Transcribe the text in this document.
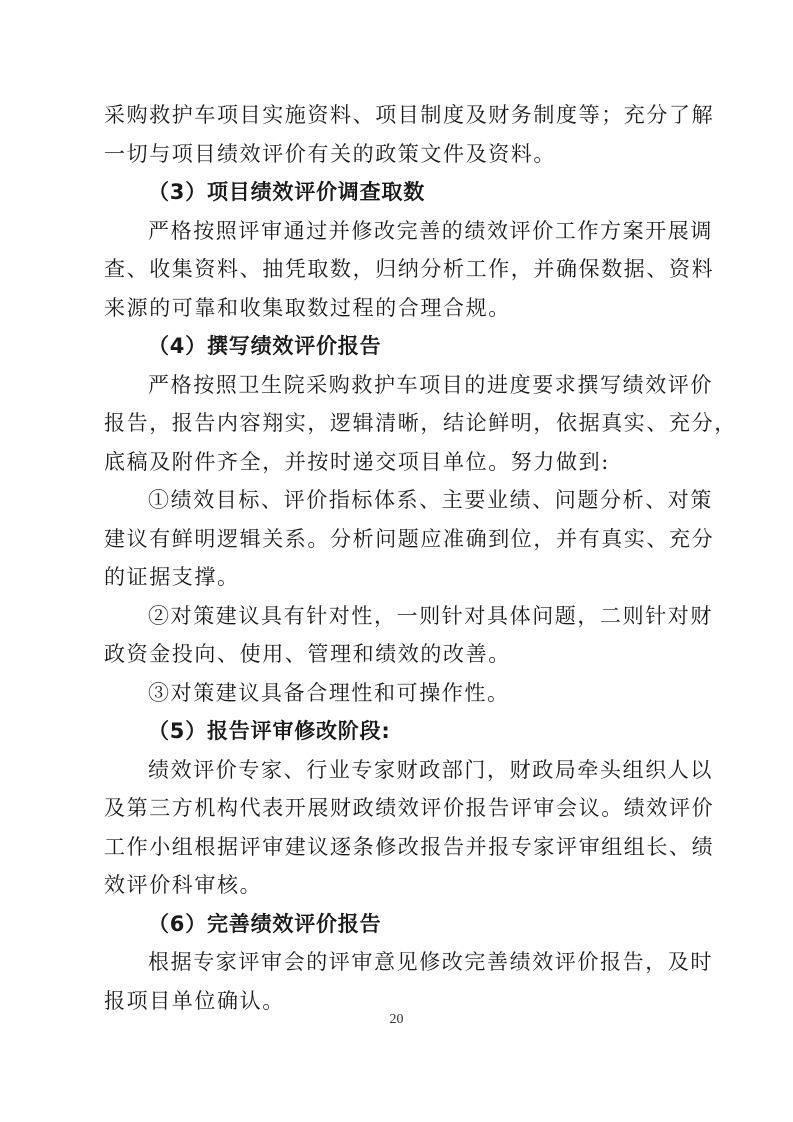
采购救护车项目实施资料、项目制度及财务制度等；充分了解
一切与项目绩效评价有关的政策文件及资料。
（3）项目绩效评价调查取数
严格按照评审通过并修改完善的绩效评价工作方案开展调
查、收集资料、抽凭取数，归纳分析工作，并确保数据、资料
来源的可靠和收集取数过程的合理合规。
（4）撰写绩效评价报告
严格按照卫生院采购救护车项目的进度要求撰写绩效评价
报告，报告内容翔实，逻辑清晰，结论鲜明，依据真实、充分，
底稿及附件齐全，并按时递交项目单位。努力做到:
①绩效目标、评价指标体系、主要业绩、问题分析、对策
建议有鲜明逻辑关系。分析问题应准确到位，并有真实、充分
的证据支撑。
②对策建议具有针对性，一则针对具体问题，二则针对财
政资金投向、使用、管理和绩效的改善。
③对策建议具备合理性和可操作性。
（5）报告评审修改阶段:
绩效评价专家、行业专家财政部门，财政局牵头组织人以
及第三方机构代表开展财政绩效评价报告评审会议。绩效评价
工作小组根据评审建议逐条修改报告并报专家评审组组长、绩
效评价科审核。
（6）完善绩效评价报告
根据专家评审会的评审意见修改完善绩效评价报告，及时
报项目单位确认。
20
